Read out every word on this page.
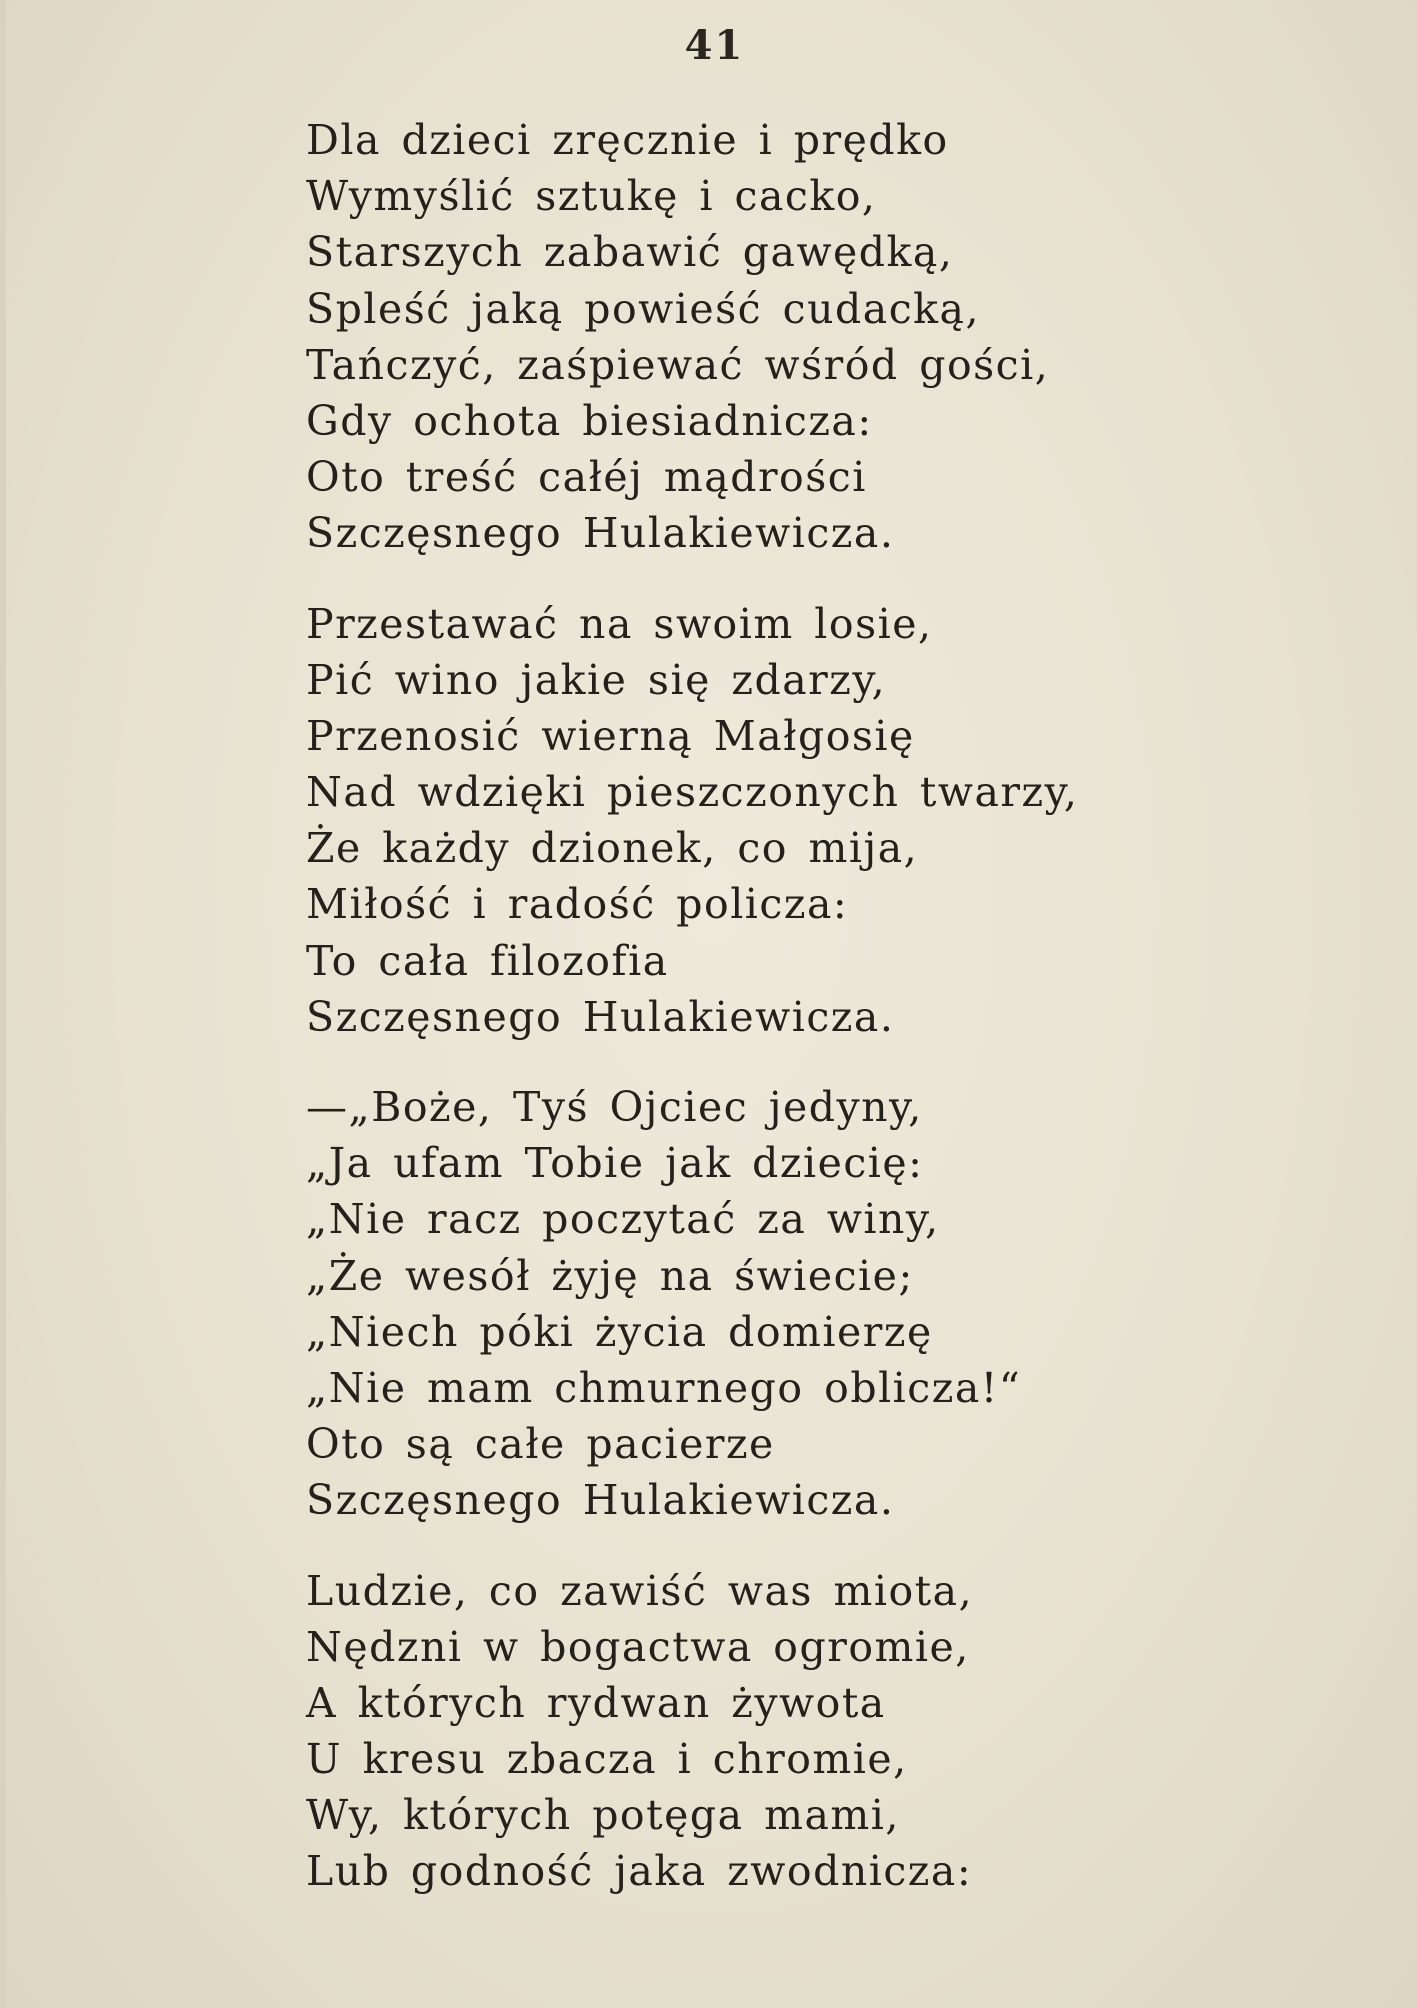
41
Dla dzieci zręcznie i prędko
Wymyślić sztukę i cacko,
Starszych zabawić gawędką,
Spleść jaką powieść cudacką,
Tańczyć, zaśpiewać wśród gości,
Gdy ochota biesiadnicza:
Oto treść całéj mądrości
Szczęsnego Hulakiewicza.
Przestawać na swoim losie,
Pić wino jakie się zdarzy,
Przenosić wierną Małgosię
Nad wdzięki pieszczonych twarzy,
Że każdy dzionek, co mija,
Miłość i radość policza:
To cała filozofia
Szczęsnego Hulakiewicza.
—„Boże, Tyś Ojciec jedyny,
„Ja ufam Tobie jak dziecię:
„Nie racz poczytać za winy,
„Że wesół żyję na świecie;
„Niech póki życia domierzę
„Nie mam chmurnego oblicza!“
Oto są całe pacierze
Szczęsnego Hulakiewicza.
Ludzie, co zawiść was miota,
Nędzni w bogactwa ogromie,
A których rydwan żywota
U kresu zbacza i chromie,
Wy, których potęga mami,
Lub godność jaka zwodnicza:
